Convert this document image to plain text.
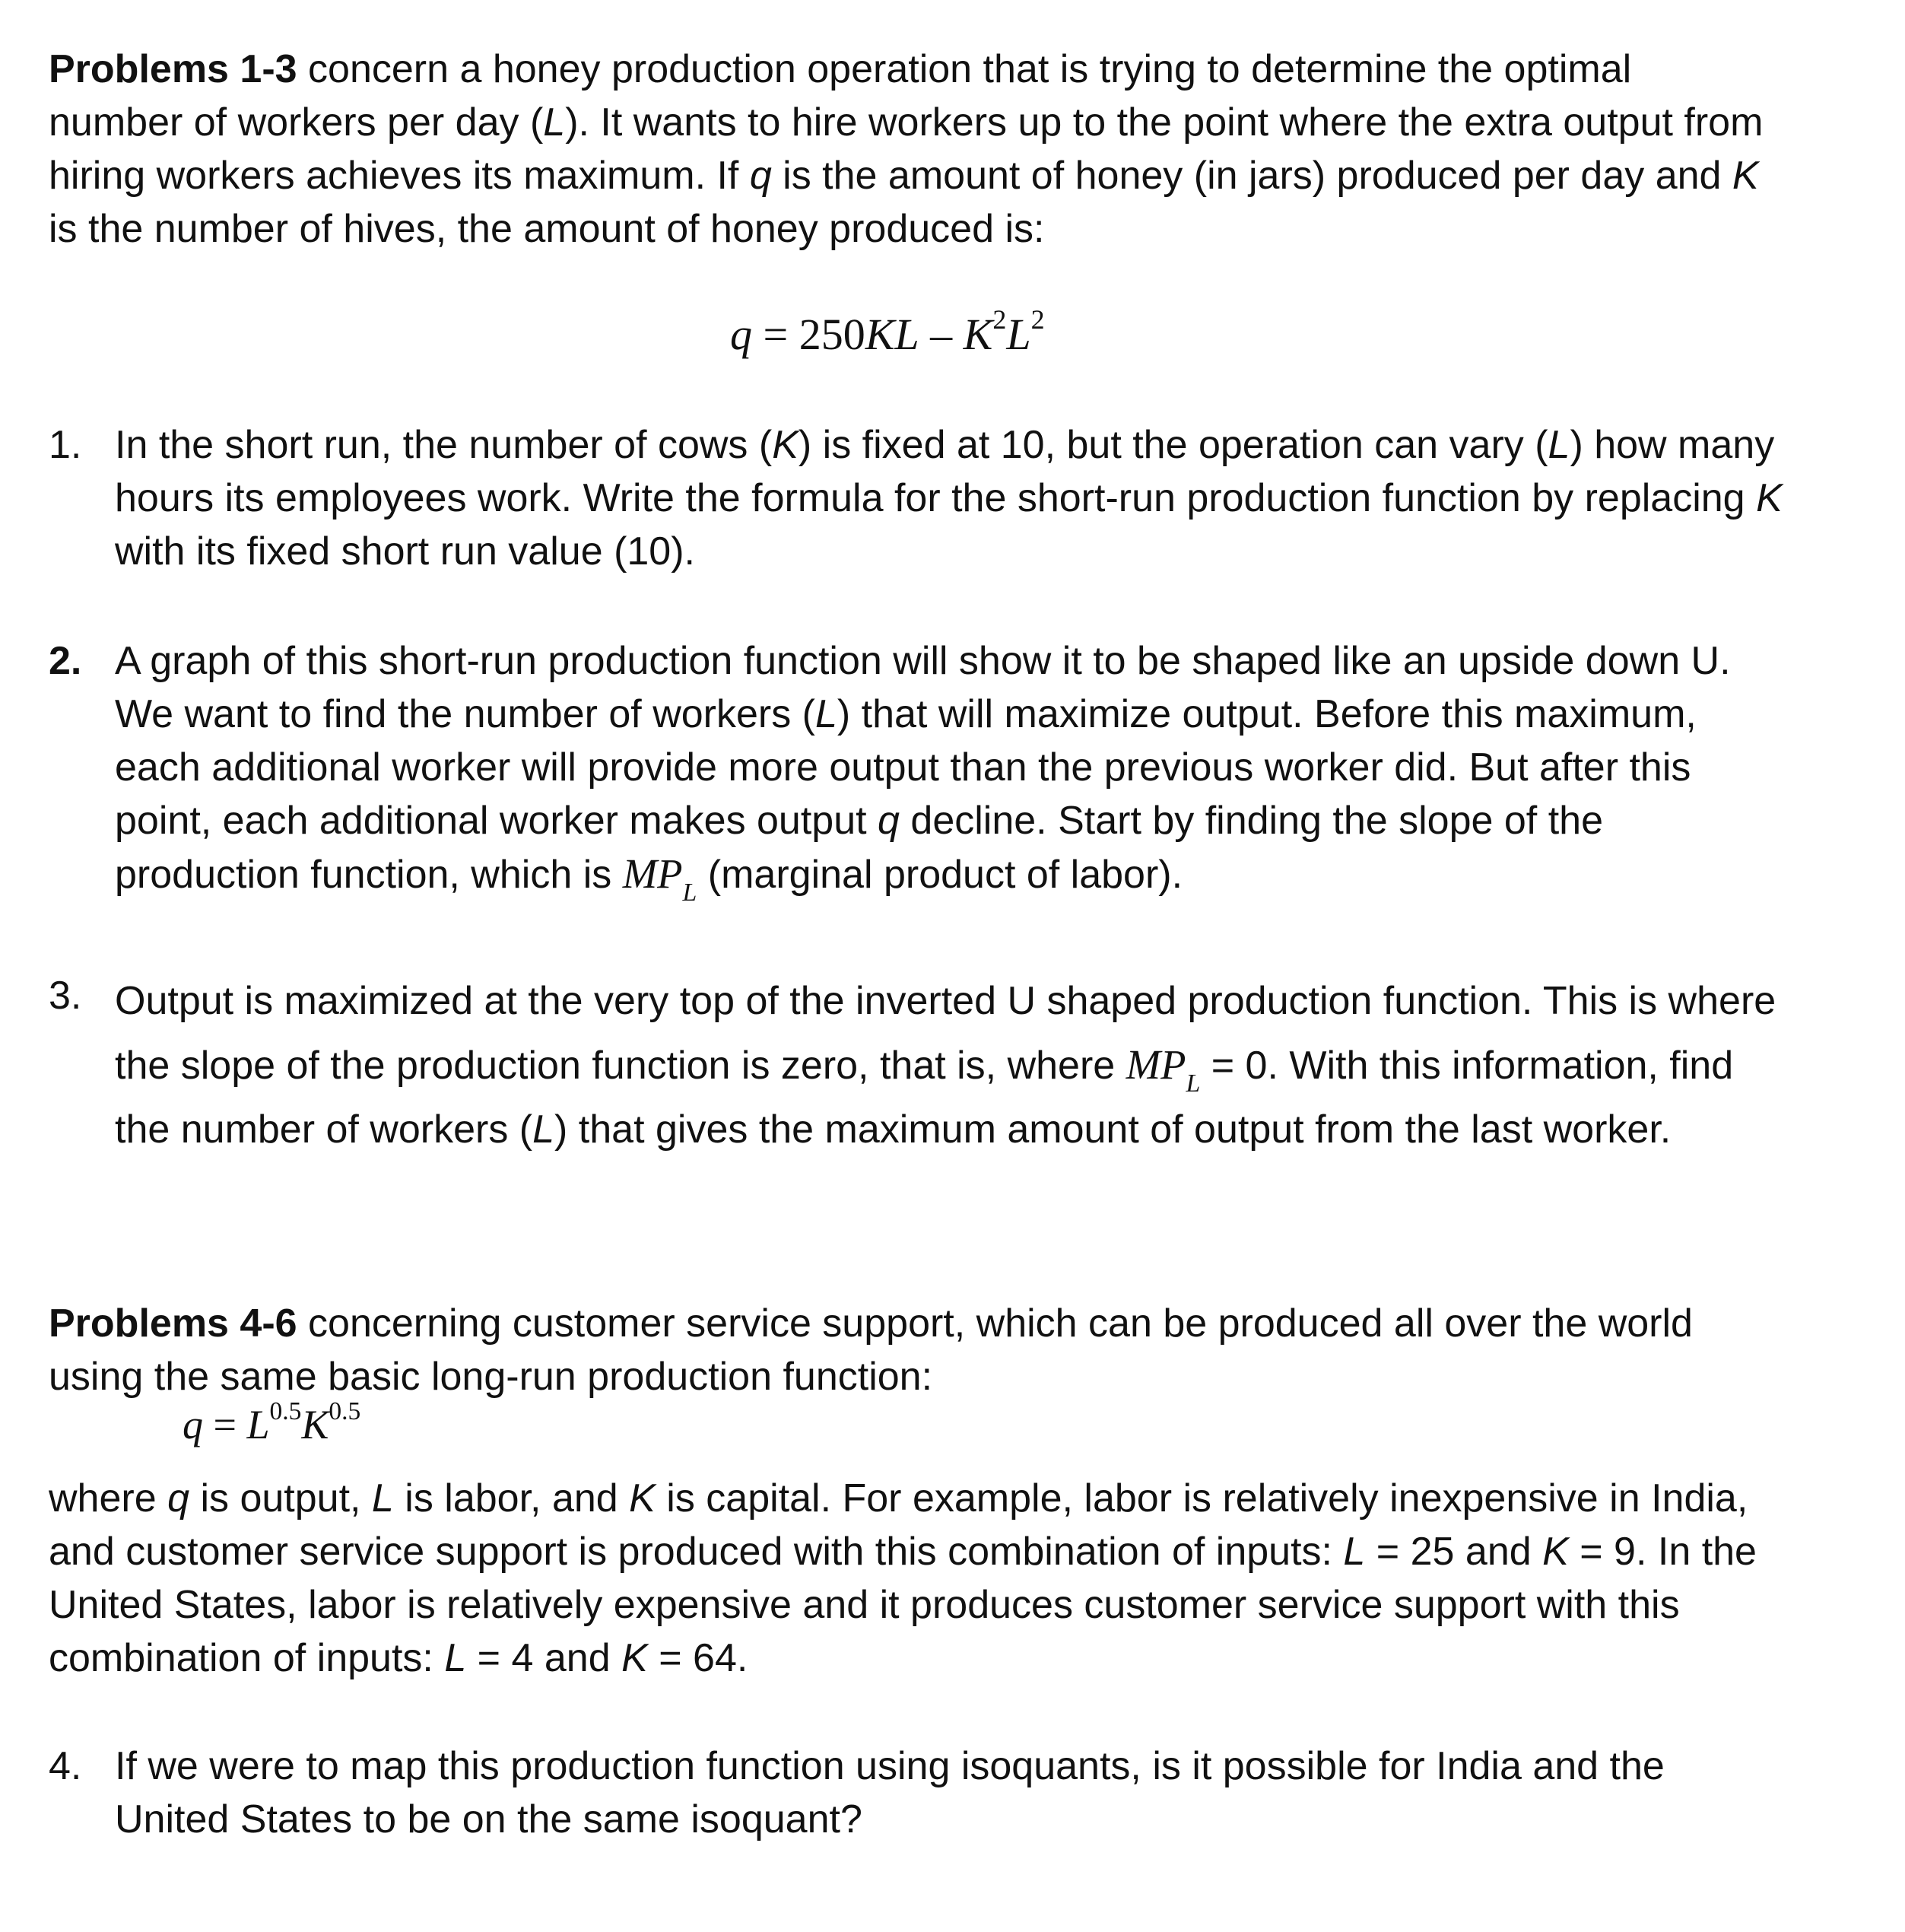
Problems 1-3 concern a honey production operation that is trying to determine the optimal number of workers per day (L). It wants to hire workers up to the point where the extra output from hiring workers achieves its maximum. If q is the amount of honey (in jars) produced per day and K is the number of hives, the amount of honey produced is:
$q = 250KL - K^2L^2$
1. In the short run, the number of cows (K) is fixed at 10, but the operation can vary (L) how many hours its employees work. Write the formula for the short-run production function by replacing K with its fixed short run value (10).
2. A graph of this short-run production function will show it to be shaped like an upside down U. We want to find the number of workers (L) that will maximize output. Before this maximum, each additional worker will provide more output than the previous worker did. But after this point, each additional worker makes output q decline. Start by finding the slope of the production function, which is $MP_L$ (marginal product of labor).
3. Output is maximized at the very top of the inverted U shaped production function. This is where the slope of the production function is zero, that is, where $MP_L = 0$. With this information, find the number of workers (L) that gives the maximum amount of output from the last worker.
Problems 4-6 concerning customer service support, which can be produced all over the world using the same basic long-run production function:
$q = L^{0.5}K^{0.5}$
where q is output, L is labor, and K is capital. For example, labor is relatively inexpensive in India, and customer service support is produced with this combination of inputs: L = 25 and K = 9. In the United States, labor is relatively expensive and it produces customer service support with this combination of inputs: L = 4 and K = 64.
4. If we were to map this production function using isoquants, is it possible for India and the United States to be on the same isoquant?
